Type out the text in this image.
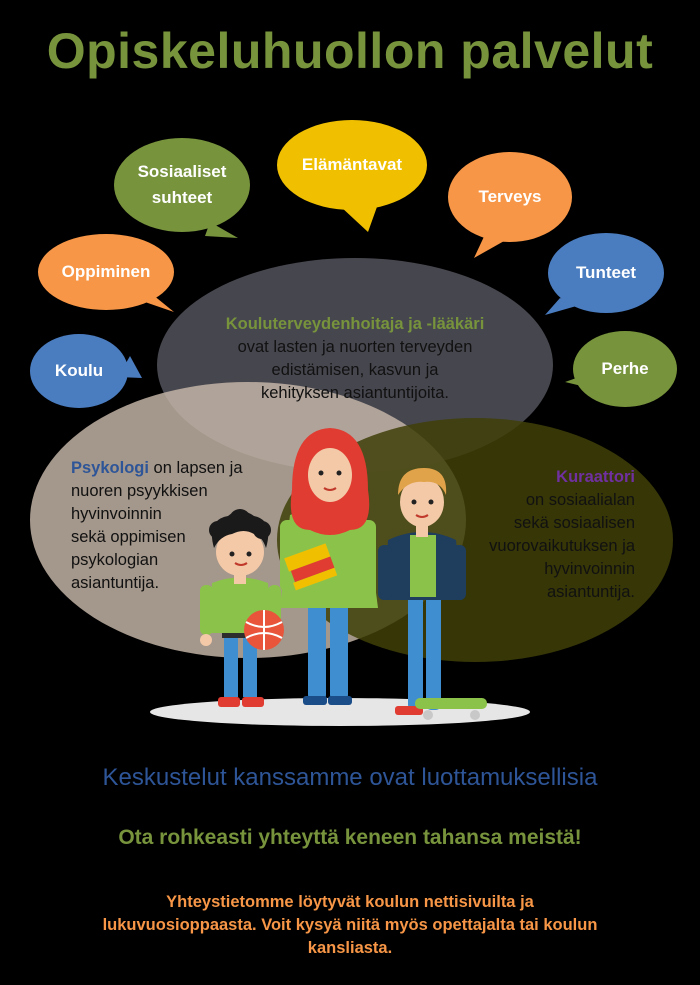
Opiskeluhuollon palvelut
Koulu
Oppiminen
Sosiaaliset
suhteet
Elämäntavat
Terveys
Tunteet
Perhe
Kouluterveydenhoitaja ja -lääkäri
ovat lasten ja nuorten terveyden
edistämisen, kasvun ja
kehityksen asiantuntijoita.
Psykologi on lapsen ja
nuoren psyykkisen
hyvinvoinnin
sekä oppimisen
psykologian
asiantuntija.
Kuraattori
on sosiaalialan
sekä sosiaalisen
vuorovaikutuksen ja
hyvinvoinnin
asiantuntija.
Keskustelut kanssamme ovat luottamuksellisia
Ota rohkeasti yhteyttä keneen tahansa meistä!
Yhteystietomme löytyvät koulun nettisivuilta ja
lukuvuosioppaasta. Voit kysyä niitä myös opettajalta tai koulun
kansliasta.
